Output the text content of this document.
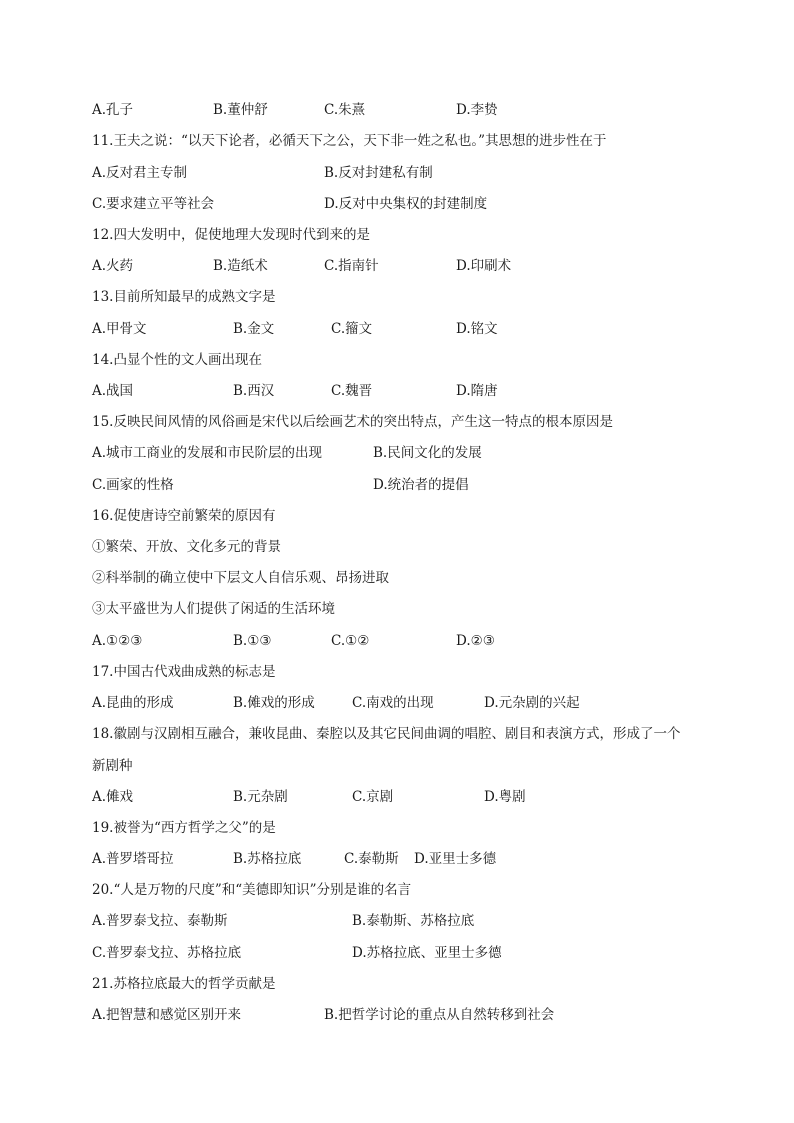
A.孔子	B.董仲舒	C.朱熹	D.李贽
11.王夫之说：“以天下论者，必循天下之公，天下非一姓之私也。”其思想的进步性在于
A.反对君主专制	B.反对封建私有制
C.要求建立平等社会	D.反对中央集权的封建制度
12.四大发明中，促使地理大发现时代到来的是
A.火药	B.造纸术	C.指南针	D.印刷术
13.目前所知最早的成熟文字是
A.甲骨文	B.金文	C.籀文	D.铭文
14.凸显个性的文人画出现在
A.战国	B.西汉	C.魏晋	D.隋唐
15.反映民间风情的风俗画是宋代以后绘画艺术的突出特点，产生这一特点的根本原因是
A.城市工商业的发展和市民阶层的出现	B.民间文化的发展
C.画家的性格	D.统治者的提倡
16.促使唐诗空前繁荣的原因有
①繁荣、开放、文化多元的背景
②科举制的确立使中下层文人自信乐观、昂扬进取
③太平盛世为人们提供了闲适的生活环境
A.①②③	B.①③	C.①②	D.②③
17.中国古代戏曲成熟的标志是
A.昆曲的形成	B.傩戏的形成	C.南戏的出现	D.元杂剧的兴起
18.徽剧与汉剧相互融合，兼收昆曲、秦腔以及其它民间曲调的唱腔、剧目和表演方式，形成了一个
新剧种
A.傩戏	B.元杂剧	C.京剧	D.粤剧
19.被誉为“西方哲学之父”的是
A.普罗塔哥拉	B.苏格拉底	C.泰勒斯 D.亚里士多德
20.“人是万物的尺度”和“美德即知识”分别是谁的名言
A.普罗泰戈拉、泰勒斯	B.泰勒斯、苏格拉底
C.普罗泰戈拉、苏格拉底	D.苏格拉底、亚里士多德
21.苏格拉底最大的哲学贡献是
A.把智慧和感觉区别开来	B.把哲学讨论的重点从自然转移到社会
